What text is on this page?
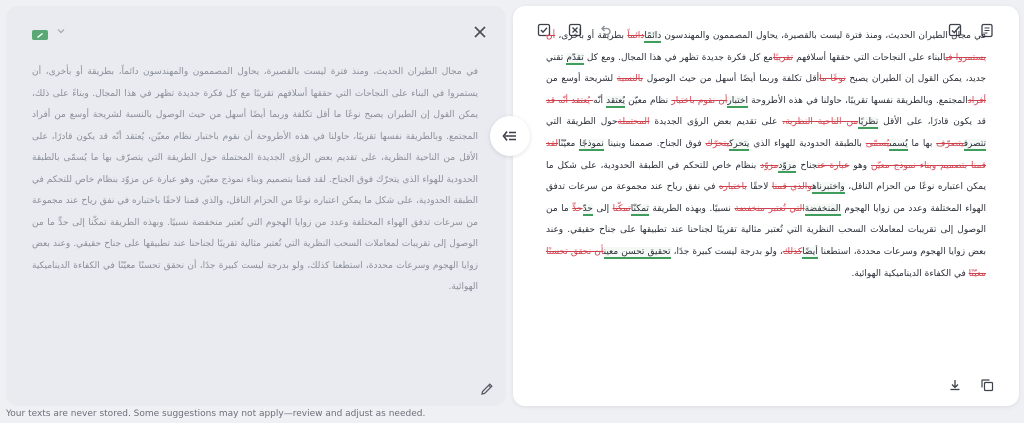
في مجال الطيران الحديث، ومنذ فترة ليست بالقصيرة، يحاول المصممون والمهندسون دائماً، بطريقة أو بأخرى، أن يستمروا في البناء على النجاحات التي حققها أسلافهم تقريبًا مع كل فكرة جديدة تظهر في هذا المجال. وبناءً على ذلك، يمكن القول إن الطيران يصبح نوعًا ما أقل تكلفة وربما أيضًا أسهل من حيث الوصول بالنسبة لشريحة أوسع من أفراد المجتمع. وبالطريقة نفسها تقريبًا، حاولنا في هذه الأطروحة أن نقوم باختبار نظام معيّن، يُعتقد أنّه قد يكون قادرًا، على الأقل من الناحية النظرية، على تقديم بعض الرؤى الجديدة المحتملة حول الطريقة التي يتصرّف بها ما يُسمّى بالطبقة الحدودية للهواء الذي يتحرّك فوق الجناح. لقد قمنا بتصميم وبناء نموذج معيّن، وهو عبارة عن مزوّد بنظام خاص للتحكم في الطبقة الحدودية، على شكل ما يمكن اعتباره نوعًا من الحزام الناقل، والذي قمنا لاحقًا باختباره في نفق رياح عند مجموعة من سرعات تدفق الهواء المختلفة وعدد من زوايا الهجوم التي تُعتبر منخفضة نسبيًا. وبهذه الطريقة تمكّنا إلى حدٍّ ما من الوصول إلى تقريبات لمعاملات السحب النظرية التي تُعتبر مثالية تقريبًا لجناحنا عند تطبيقها على جناح حقيقي. وعند بعض زوايا الهجوم وسرعات محددة، استطعنا كذلك، ولو بدرجة ليست كبيرة جدًا، أن نحقق تحسنًا معيّنًا في الكفاءة الديناميكية الهوائية.
في مجال الطيران الحديث، ومنذ فترة ليست بالقصيرة، يحاول المصممون والمهندسون دائمًادائماً بطريقة أو بأخرى، أن يستمروا فيالبناء على النجاحات التي حققها أسلافهم تقريبًامع كل فكرة جديدة تظهر في هذا المجال. ومع كل تقدّم تقني جديد، يمكن القول إن الطيران يصبح نوعًا ماأقل تكلفة وربما أيضًا أسهل من حيث الوصول بالنسبة لشريحة أوسع من أفرادالمجتمع. وبالطريقة نفسها تقريبًا، حاولنا في هذه الأطروحة اختبارأن نقوم باختبار نظام معيّن يُعتقد أنّه يُعتقد أنّه قد قد يكون قادرًا، على الأقل نظريًامن الناحية النظرية، على تقديم بعض الرؤى الجديدة المحتملةحول الطريقة التي تتصرفيتصرّف بها ما يُسمىيُسمّى بالطبقة الحدودية للهواء الذي يتحركيتحرّك فوق الجناح. صممنا وبنينا نموذجًا معيّنًالقد قمنا بتصميم وبناء نموذج معيّن وهو عبارة عنجناح مزوّدمزوّد بنظام خاص للتحكم في الطبقة الحدودية، على شكل ما يمكن اعتباره نوعًا من الحزام الناقل، واختبرناهوالذي قمنا لاحقًا باختباره في نفق رياح عند مجموعة من سرعات تدفق الهواء المختلفة وعدد من زوايا الهجوم المنخفضةالتي تُعتبر منخفضة نسبيًا. وبهذه الطريقة تمكنّاتمكّنا إلى حدّحدٍّ ما من الوصول إلى تقريبات لمعاملات السحب النظرية التي تُعتبر مثالية تقريبًا لجناحنا عند تطبيقها على جناح حقيقي. وعند بعض زوايا الهجوم وسرعات محددة، استطعنا أيضًاكذلك، ولو بدرجة ليست كبيرة جدًا، تحقيق تحسن معينأن نحقق تحسنًا معيّنًا في الكفاءة الديناميكية الهوائية.
Your texts are never stored. Some suggestions may not apply—review and adjust as needed.
